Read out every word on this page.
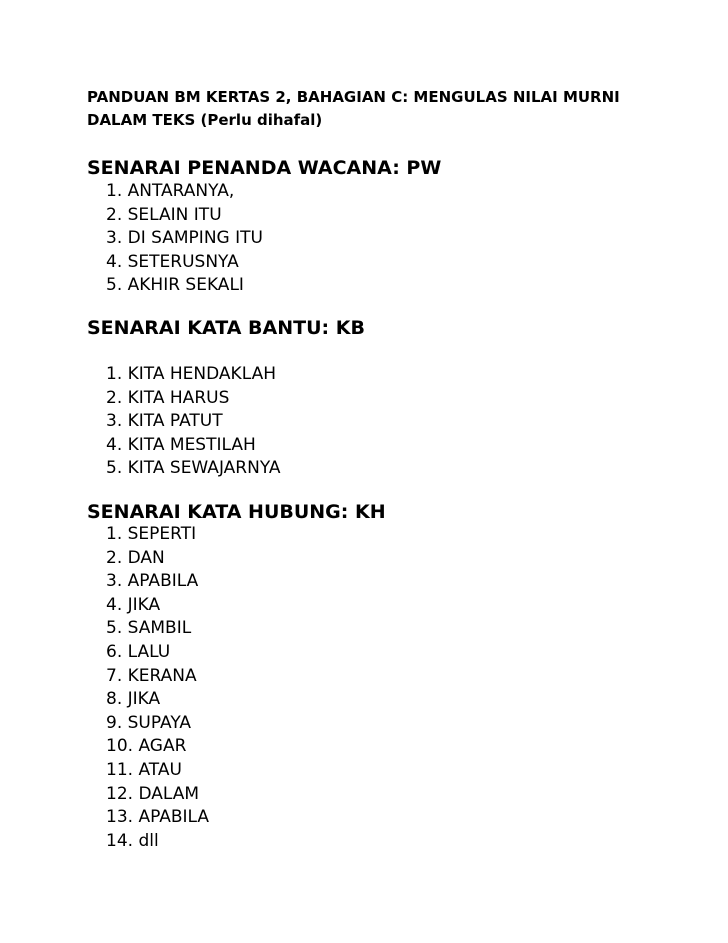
PANDUAN BM KERTAS 2, BAHAGIAN C: MENGULAS NILAI MURNI
DALAM TEKS (Perlu dihafal)
SENARAI PENANDA WACANA: PW
1. ANTARANYA,
2. SELAIN ITU
3. DI SAMPING ITU
4. SETERUSNYA
5. AKHIR SEKALI
SENARAI KATA BANTU: KB
1. KITA HENDAKLAH
2. KITA HARUS
3. KITA PATUT
4. KITA MESTILAH
5. KITA SEWAJARNYA
SENARAI KATA HUBUNG: KH
1. SEPERTI
2. DAN
3. APABILA
4. JIKA
5. SAMBIL
6. LALU
7. KERANA
8. JIKA
9. SUPAYA
10. AGAR
11. ATAU
12. DALAM
13. APABILA
14. dll
